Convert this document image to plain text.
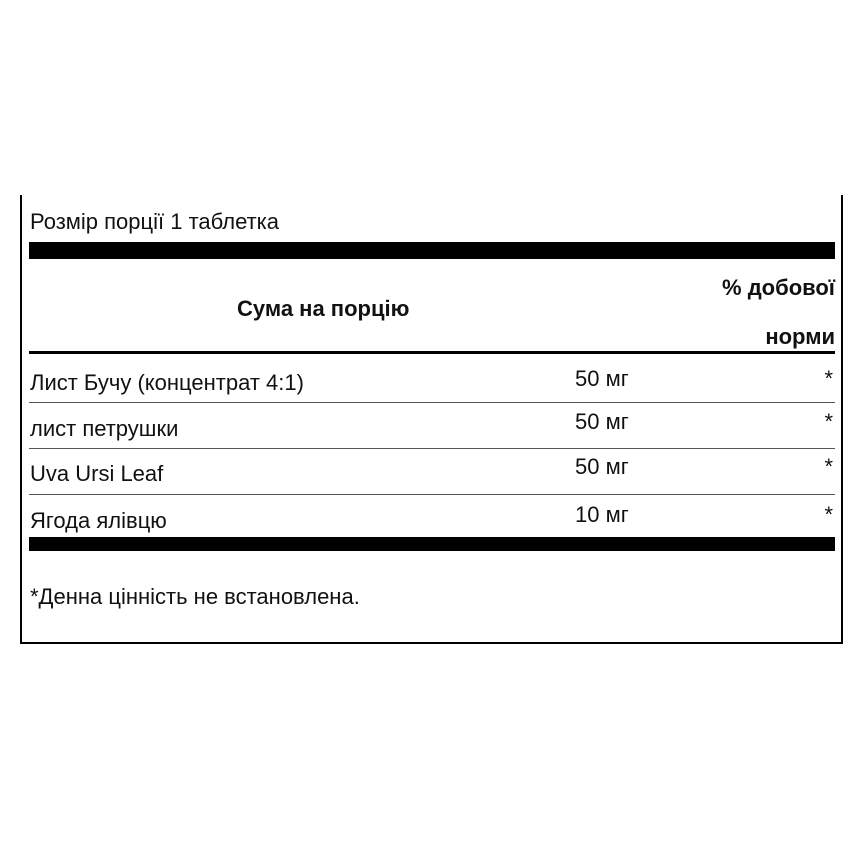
Розмір порції 1 таблетка
Сума на порцію
% добової
норми
Лист Бучу (концентрат 4:1)	50 мг	*
лист петрушки	50 мг	*
Uva Ursi Leaf	50 мг	*
Ягода ялівцю	10 мг	*
*Денна цінність не встановлена.
